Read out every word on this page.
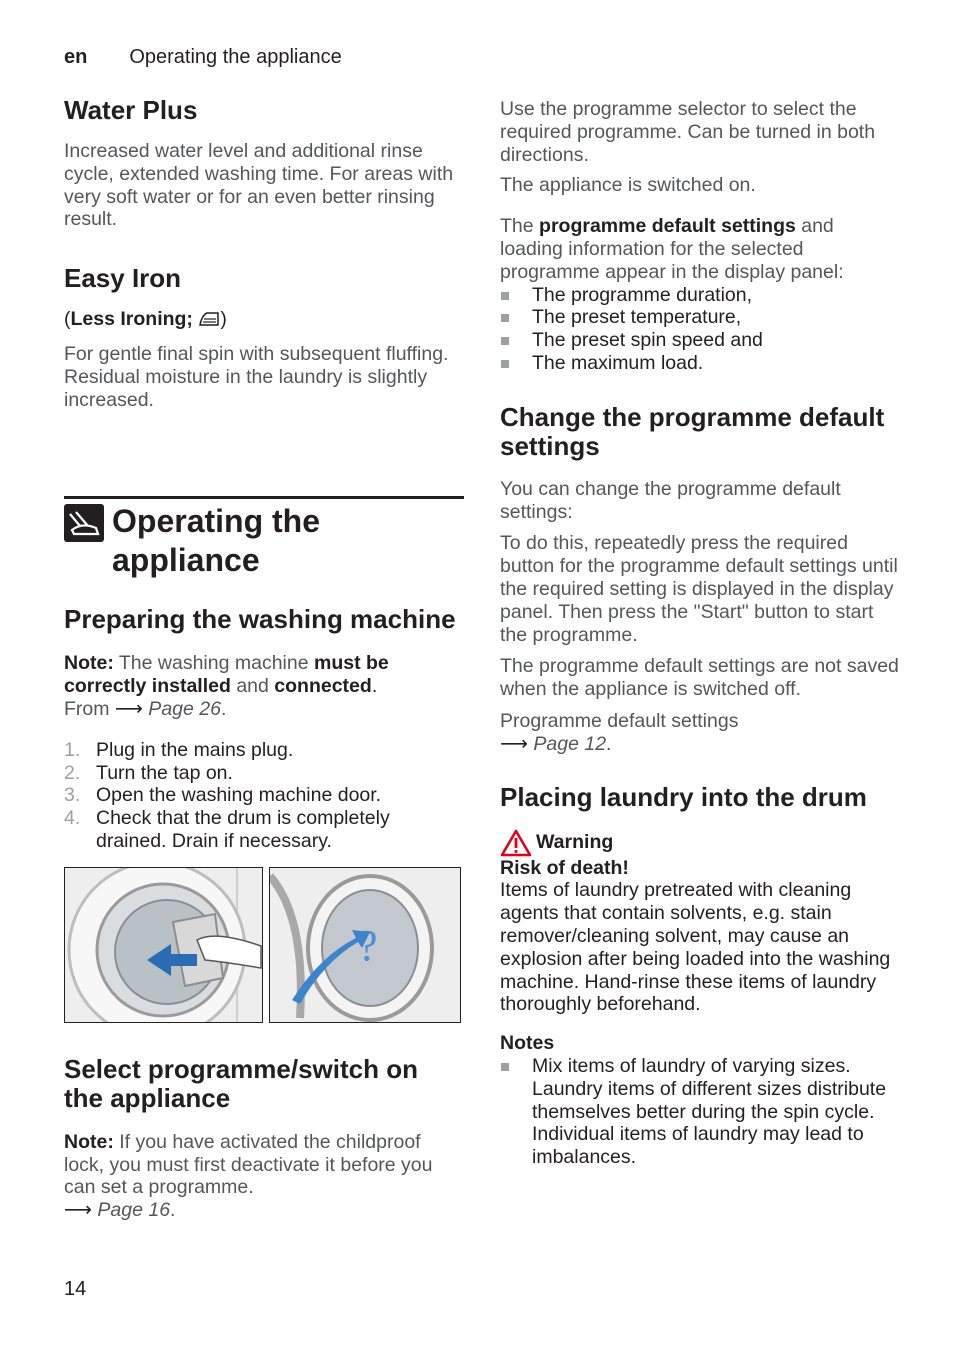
en Operating the appliance
Water Plus

Increased water level and additional rinse cycle, extended washing time. For areas with very soft water or for an even better rinsing result.

Easy Iron

(Less Ironing; )

For gentle final spin with subsequent fluffing. Residual moisture in the laundry is slightly increased.

Operating the
appliance
Preparing the washing machine

Note: The washing machine must be correctly installed and connected.
From ⟶ Page 26.

1. Plug in the mains plug.
2. Turn the tap on.
3. Open the washing machine door.
4. Check that the drum is completely drained. Drain if necessary.
?
Select programme/switch on the appliance

Note: If you have activated the childproof lock, you must first deactivate it before you can set a programme.
⟶ Page 16.

Use the programme selector to select the required programme. Can be turned in both directions.

The appliance is switched on.

The programme default settings and loading information for the selected programme appear in the display panel:

The programme duration,
The preset temperature,
The preset spin speed and
The maximum load.
Change the programme default settings

You can change the programme default settings:

To do this, repeatedly press the required button for the programme default settings until the required setting is displayed in the display panel. Then press the "Start" button to start the programme.

The programme default settings are not saved when the appliance is switched off.

Programme default settings
⟶ Page 12.

Placing laundry into the drum
Warning

Risk of death!

Items of laundry pretreated with cleaning agents that contain solvents, e.g. stain remover/cleaning solvent, may cause an explosion after being loaded into the washing machine. Hand-rinse these items of laundry thoroughly beforehand.

Notes

Mix items of laundry of varying sizes. Laundry items of different sizes distribute themselves better during the spin cycle. Individual items of laundry may lead to imbalances.
14
